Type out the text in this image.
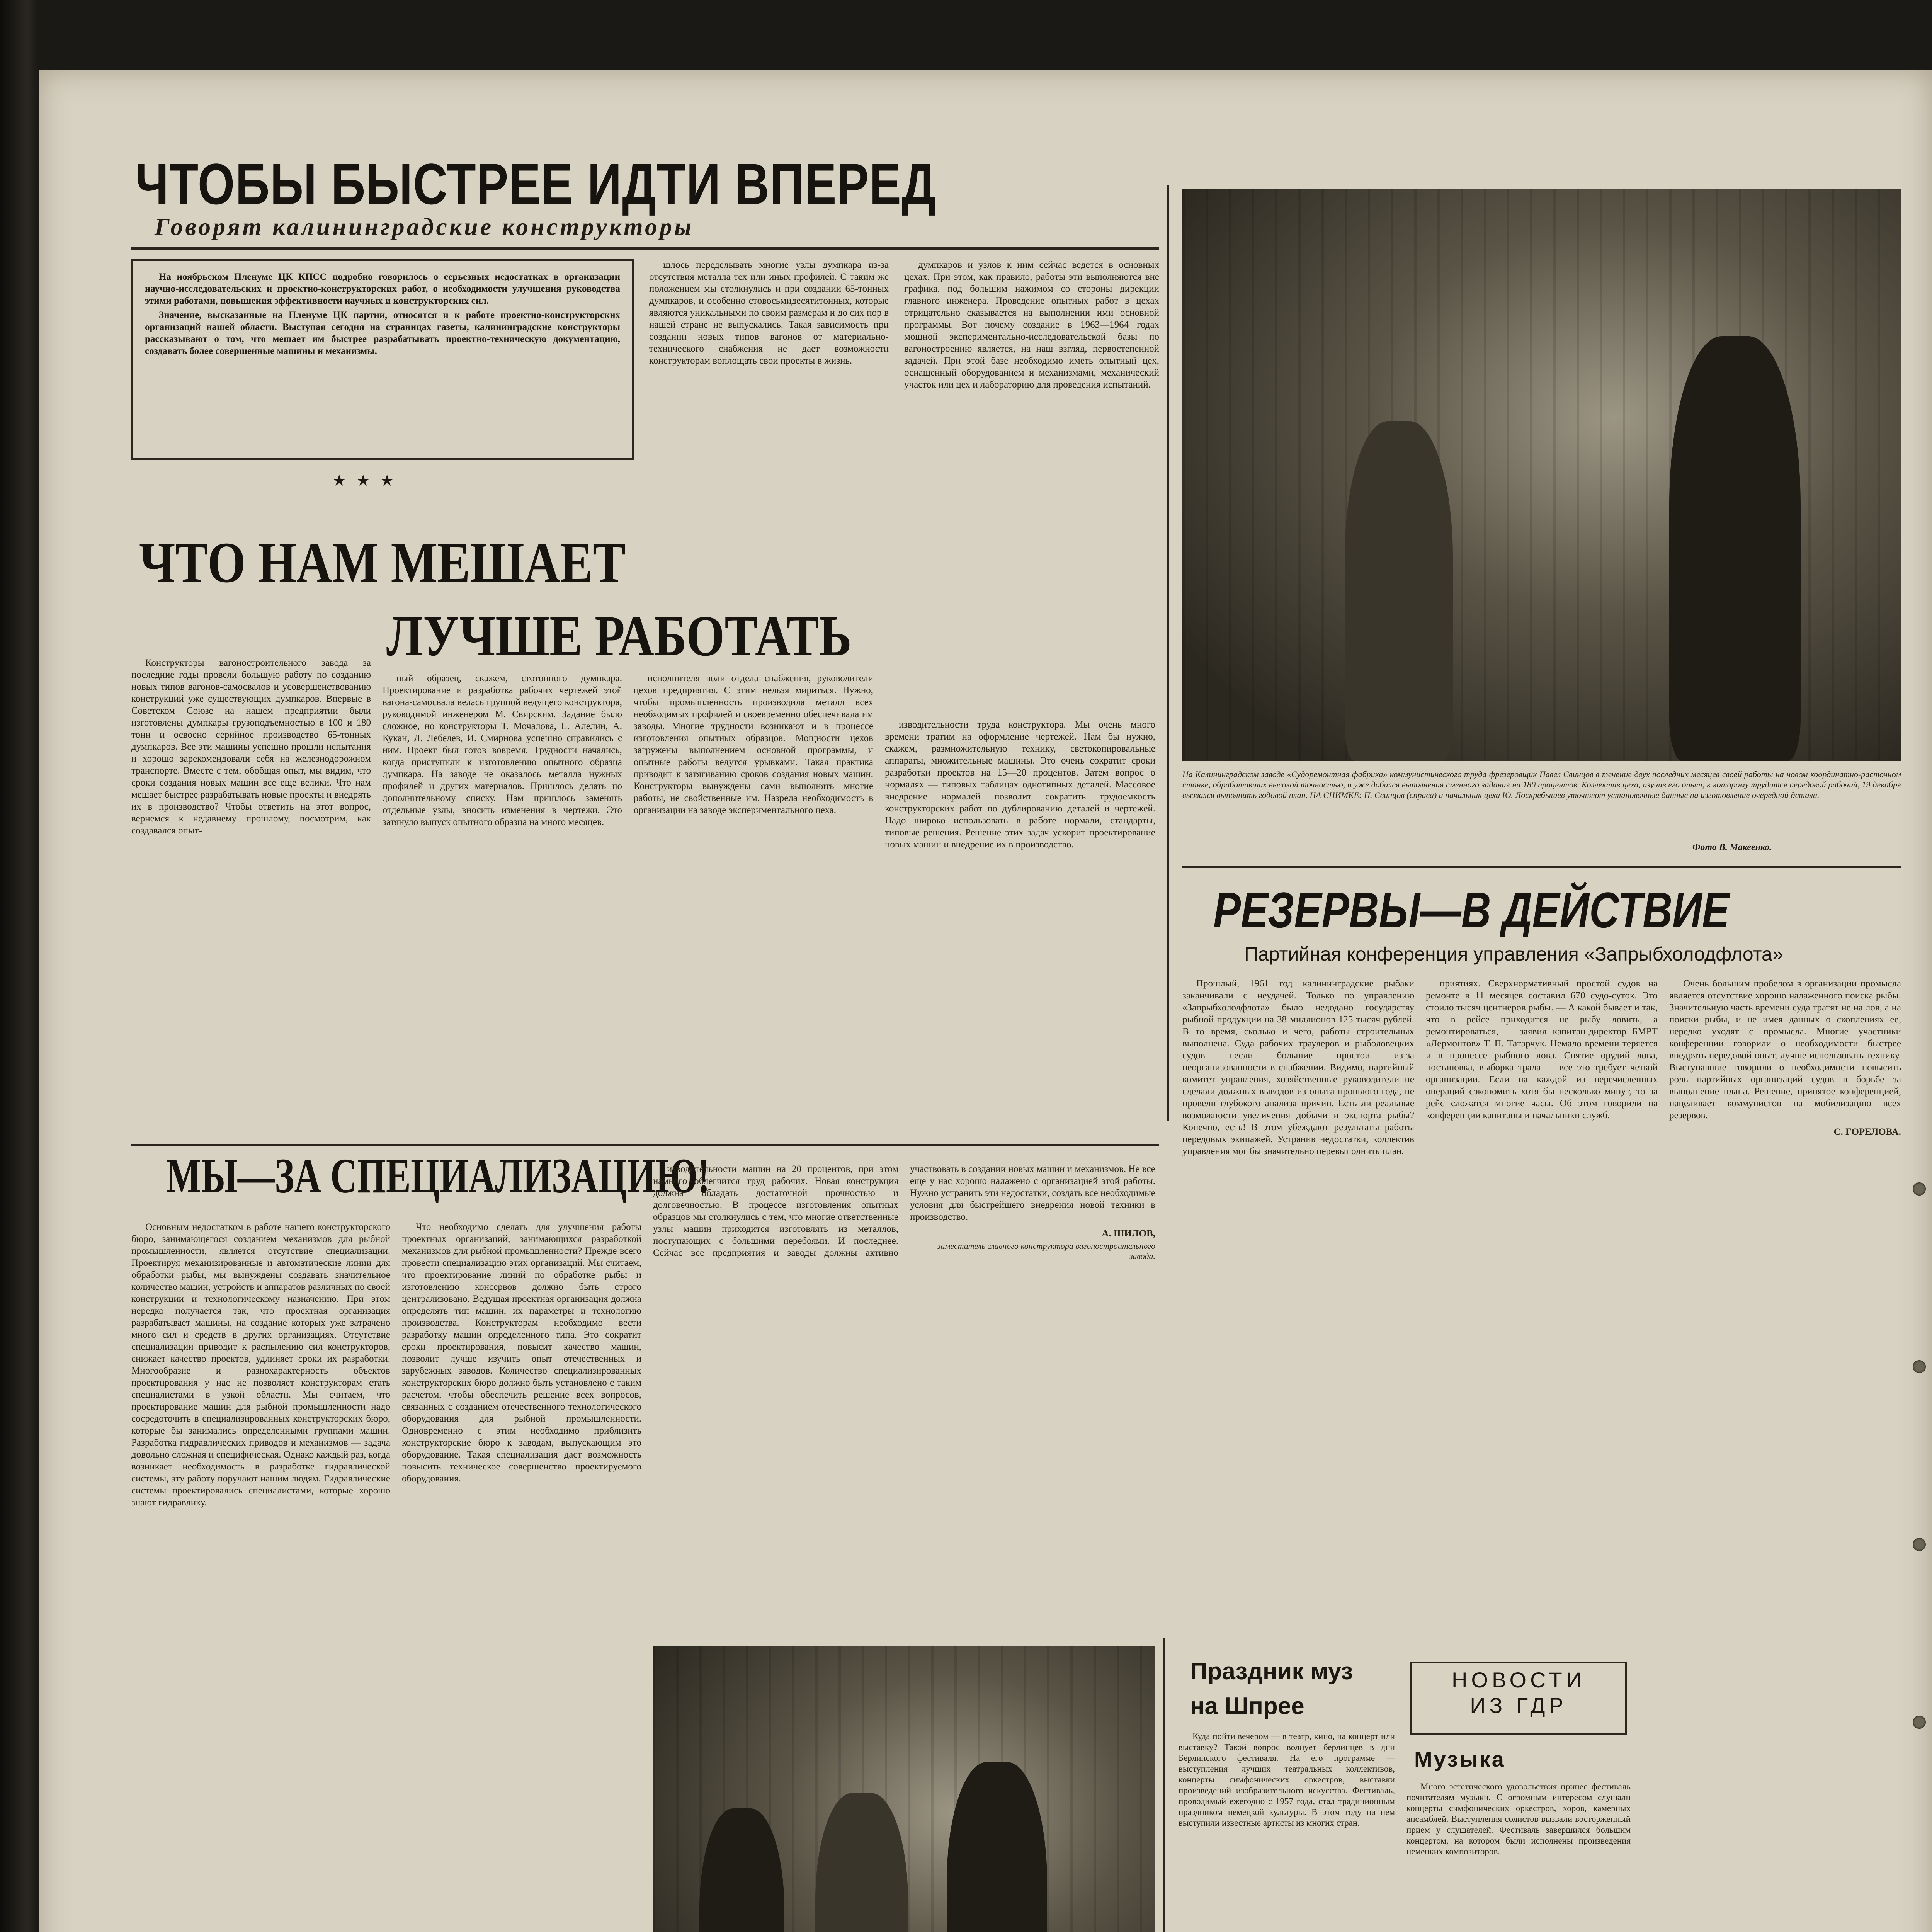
ЧТОБЫ БЫСТРЕЕ ИДТИ ВПЕРЕД
Говорят калининградские конструкторы

На ноябрьском Пленуме ЦК КПСС подробно говорилось о серьезных недостатках в организации научно-исследовательских и проектно-конструкторских работ, о необходимости улучшения руководства этими работами, повышения эффективности научных и конструкторских сил.

Значение, высказанные на Пленуме ЦК партии, относятся и к работе проектно-конструкторских организаций нашей области. Выступая сегодня на страницах газеты, калининградские конструкторы рассказывают о том, что мешает им быстрее разрабатывать проектно-техническую документацию, создавать более совершенные машины и механизмы.

★ ★ ★

шлось переделывать многие узлы думпкара из-за отсутствия металла тех или иных профилей. С таким же положением мы столкнулись и при создании 65-тонных думпкаров, и особенно стовосьмидесятитонных, которые являются уникальными по своим размерам и до сих пор в нашей стране не выпускались. Такая зависимость при создании новых типов вагонов от материально-технического снабжения не дает возможности конструкторам воплощать свои проекты в жизнь.

думпкаров и узлов к ним сейчас ведется в основных цехах. При этом, как правило, работы эти выполняются вне графика, под большим нажимом со стороны дирекции главного инженера. Проведение опытных работ в цехах отрицательно сказывается на выполнении ими основной программы. Вот почему создание в 1963—1964 годах мощной экспериментально-исследовательской базы по вагоностроению является, на наш взгляд, первостепенной задачей. При этой базе необходимо иметь опытный цех, оснащенный оборудованием и механизмами, механический участок или цех и лабораторию для проведения испытаний.

ЧТО НАМ МЕШАЕТ
ЛУЧШЕ РАБОТАТЬ

Конструкторы вагоностроительного завода за последние годы провели большую работу по созданию новых типов вагонов-самосвалов и усовершенствованию конструкций уже существующих думпкаров. Впервые в Советском Союзе на нашем предприятии были изготовлены думпкары грузоподъемностью в 100 и 180 тонн и освоено серийное производство 65-тонных думпкаров. Все эти машины успешно прошли испытания и хорошо зарекомендовали себя на железнодорожном транспорте. Вместе с тем, обобщая опыт, мы видим, что сроки создания новых машин все еще велики. Что нам мешает быстрее разрабатывать новые проекты и внедрять их в производство? Чтобы ответить на этот вопрос, вернемся к недавнему прошлому, посмотрим, как создавался опыт-

ный образец, скажем, стотонного думпкара. Проектирование и разработка рабочих чертежей этой вагона-самосвала велась группой ведущего конструктора, руководимой инженером М. Свирским. Задание было сложное, но конструкторы Т. Мочалова, Е. Алелин, А. Кукан, Л. Лебедев, И. Смирнова успешно справились с ним. Проект был готов вовремя. Трудности начались, когда приступили к изготовлению опытного образца думпкара. На заводе не оказалось металла нужных профилей и других материалов. Пришлось делать по дополнительному списку. Нам пришлось заменять отдельные узлы, вносить изменения в чертежи. Это затянуло выпуск опытного образца на много месяцев.

исполнителя воли отдела снабжения, руководители цехов предприятия. С этим нельзя мириться. Нужно, чтобы промышленность производила металл всех необходимых профилей и своевременно обеспечивала им заводы. Многие трудности возникают и в процессе изготовления опытных образцов. Мощности цехов загружены выполнением основной программы, и опытные работы ведутся урывками. Такая практика приводит к затягиванию сроков создания новых машин. Конструкторы вынуждены сами выполнять многие работы, не свойственные им. Назрела необходимость в организации на заводе экспериментального цеха.

изводительности труда конструктора. Мы очень много времени тратим на оформление чертежей. Нам бы нужно, скажем, размножительную технику, светокопировальные аппараты, множительные машины. Это очень сократит сроки разработки проектов на 15—20 процентов. Затем вопрос о нормалях — типовых таблицах однотипных деталей. Массовое внедрение нормалей позволит сократить трудоемкость конструкторских работ по дублированию деталей и чертежей. Надо широко использовать в работе нормали, стандарты, типовые решения. Решение этих задач ускорит проектирование новых машин и внедрение их в производство.

На Калининградском заводе «Судоремонтная фабрика» коммунистического труда фрезеровщик Павел Свинцов в течение двух последних месяцев своей работы на новом координатно-расточном станке, обработавших высокой точностью, и уже добился выполнения сменного задания на 180 процентов. Коллектив цеха, изучив его опыт, к которому трудится передовой рабочий, 19 декабря вызвался выполнить годовой план. НА СНИМКЕ: П. Свинцов (справа) и начальник цеха Ю. Лоскребышев уточняют установочные данные на изготовление очередной детали.
Фото В. Макеенко.
РЕЗЕРВЫ—В ДЕЙСТВИЕ
Партийная конференция управления «Запрыбхолодфлота»

Прошлый, 1961 год калининградские рыбаки заканчивали с неудачей. Только по управлению «Запрыбхолодфлота» было недодано государству рыбной продукции на 38 миллионов 125 тысяч рублей. В то время, сколько и чего, работы строительных выполнена. Суда рабочих траулеров и рыболовецких судов несли большие простои из-за неорганизованности в снабжении. Видимо, партийный комитет управления, хозяйственные руководители не сделали должных выводов из опыта прошлого года, не провели глубокого анализа причин. Есть ли реальные возможности увеличения добычи и экспорта рыбы? Конечно, есть! В этом убеждают результаты работы передовых экипажей. Устранив недостатки, коллектив управления мог бы значительно перевыполнить план.

приятиях. Сверхнормативный простой судов на ремонте в 11 месяцев составил 670 судо-суток. Это стоило тысяч центнеров рыбы. — А какой бывает и так, что в рейсе приходится не рыбу ловить, а ремонтироваться, — заявил капитан-директор БМРТ «Лермонтов» Т. П. Татарчук. Немало времени теряется и в процессе рыбного лова. Снятие орудий лова, постановка, выборка трала — все это требует четкой организации. Если на каждой из перечисленных операций сэкономить хотя бы несколько минут, то за рейс сложатся многие часы. Об этом говорили на конференции капитаны и начальники служб.

Очень большим пробелом в организации промысла является отсутствие хорошо налаженного поиска рыбы. Значительную часть времени суда тратят не на лов, а на поиски рыбы, и не имея данных о скоплениях ее, нередко уходят с промысла. Многие участники конференции говорили о необходимости быстрее внедрять передовой опыт, лучше использовать технику. Выступавшие говорили о необходимости повысить роль партийных организаций судов в борьбе за выполнение плана. Решение, принятое конференцией, нацеливает коммунистов на мобилизацию всех резервов.

С. ГОРЕЛОВА.

МЫ—ЗА СПЕЦИАЛИЗАЦИЮ!

Основным недостатком в работе нашего конструкторского бюро, занимающегося созданием механизмов для рыбной промышленности, является отсутствие специализации. Проектируя механизированные и автоматические линии для обработки рыбы, мы вынуждены создавать значительное количество машин, устройств и аппаратов различных по своей конструкции и технологическому назначению. При этом нередко получается так, что проектная организация разрабатывает машины, на создание которых уже затрачено много сил и средств в других организациях. Отсутствие специализации приводит к распылению сил конструкторов, снижает качество проектов, удлиняет сроки их разработки. Многообразие и разнохарактерность объектов проектирования у нас не позволяет конструкторам стать специалистами в узкой области. Мы считаем, что проектирование машин для рыбной промышленности надо сосредоточить в специализированных конструкторских бюро, которые бы занимались определенными группами машин. Разработка гидравлических приводов и механизмов — задача довольно сложная и специфическая. Однако каждый раз, когда возникает необходимость в разработке гидравлической системы, эту работу поручают нашим людям. Гидравлические системы проектировались специалистами, которые хорошо знают гидравлику.

Что необходимо сделать для улучшения работы проектных организаций, занимающихся разработкой механизмов для рыбной промышленности? Прежде всего провести специализацию этих организаций. Мы считаем, что проектирование линий по обработке рыбы и изготовлению консервов должно быть строго централизовано. Ведущая проектная организация должна определять тип машин, их параметры и технологию производства. Конструкторам необходимо вести разработку машин определенного типа. Это сократит сроки проектирования, повысит качество машин, позволит лучше изучить опыт отечественных и зарубежных заводов. Количество специализированных конструкторских бюро должно быть установлено с таким расчетом, чтобы обеспечить решение всех вопросов, связанных с созданием отечественного технологического оборудования для рыбной промышленности. Одновременно с этим необходимо приблизить конструкторские бюро к заводам, выпускающим это оборудование. Такая специализация даст возможность повысить техническое совершенство проектируемого оборудования.

изводительности машин на 20 процентов, при этом намного облегчится труд рабочих. Новая конструкция должна обладать достаточной прочностью и долговечностью. В процессе изготовления опытных образцов мы столкнулись с тем, что многие ответственные узлы машин приходится изготовлять из металлов, поступающих с большими перебоями. И последнее. Сейчас все предприятия и заводы должны активно участвовать в создании новых машин и механизмов. Не все еще у нас хорошо налажено с организацией этой работы. Нужно устранить эти недостатки, создать все необходимые условия для быстрейшего внедрения новой техники в производство.

А. ШИЛОВ,

заместитель главного конструктора вагоностроительного завода.

Праздник муз
на Шпрее

Куда пойти вечером — в театр, кино, на концерт или выставку? Такой вопрос волнует берлинцев в дни Берлинского фестиваля. На его программе — выступления лучших театральных коллективов, концерты симфонических оркестров, выставки произведений изобразительного искусства. Фестиваль, проводимый ежегодно с 1957 года, стал традиционным праздником немецкой культуры. В этом году на нем выступили известные артисты из многих стран.

НОВОСТИ
ИЗ ГДР
Музыка

Много эстетического удовольствия принес фестиваль почитателям музыки. С огромным интересом слушали концерты симфонических оркестров, хоров, камерных ансамблей. Выступления солистов вызвали восторженный прием у слушателей. Фестиваль завершился большим концертом, на котором были исполнены произведения немецких композиторов.
